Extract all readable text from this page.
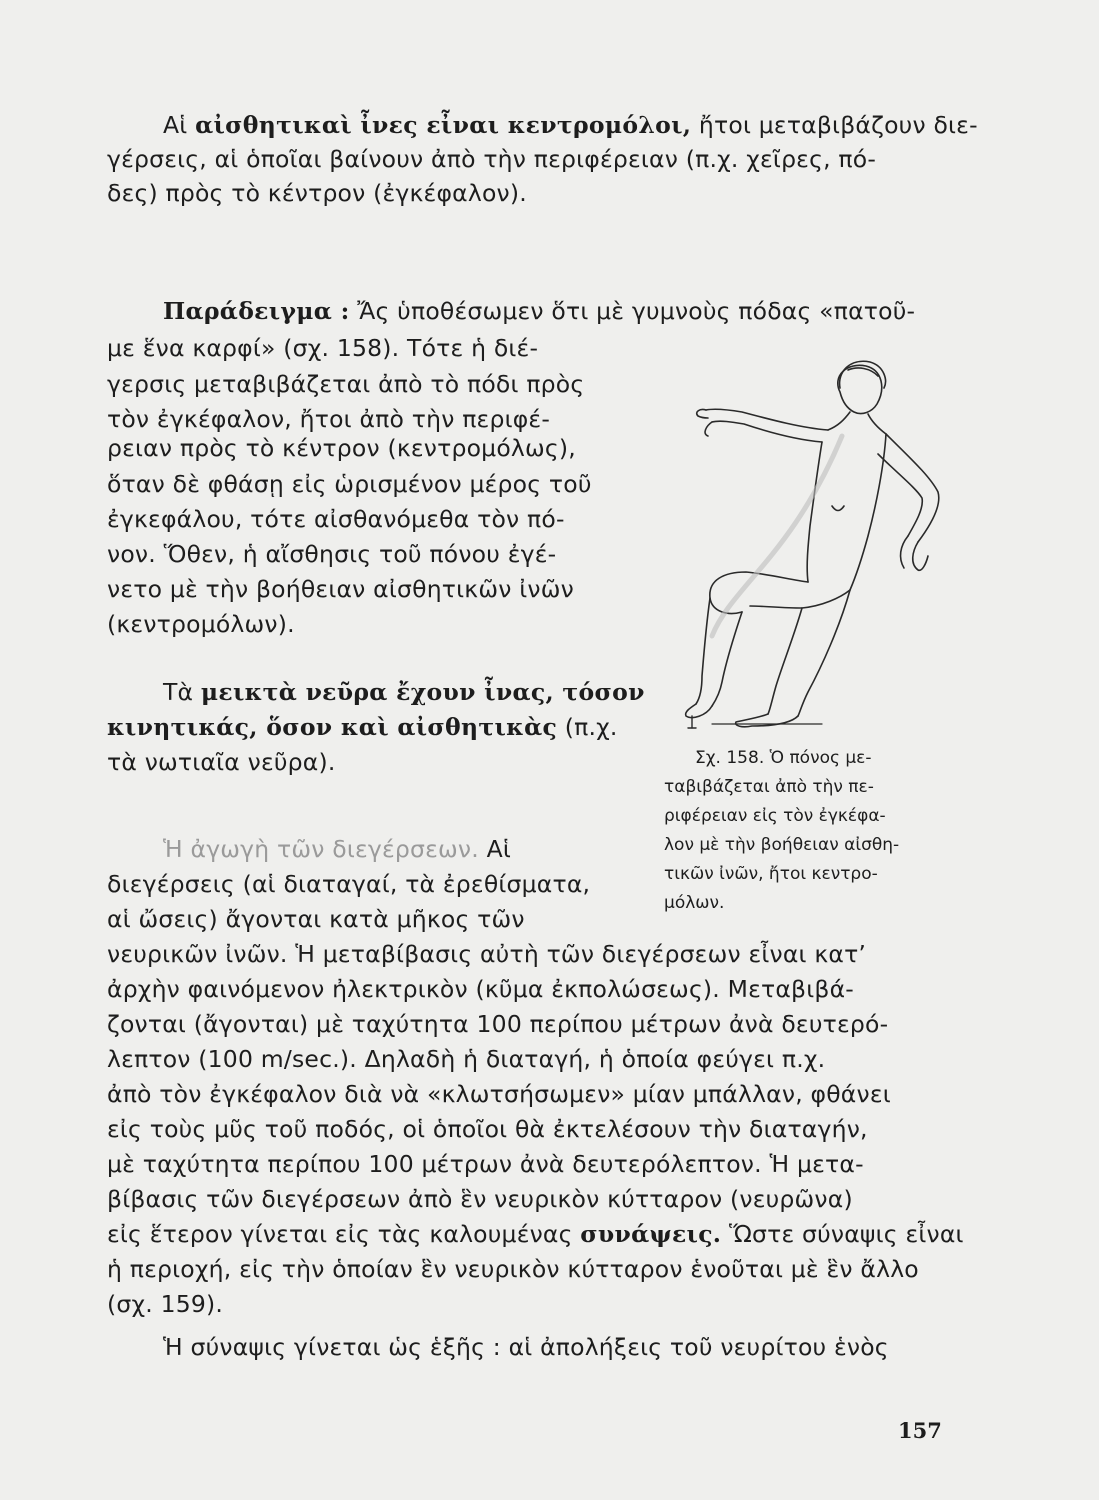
Αἱ αἰσθητικαὶ ἶνες εἶναι κεντρομόλοι, ἤτοι μεταβιβάζουν διε-
γέρσεις, αἱ ὁποῖαι βαίνουν ἀπὸ τὴν περιφέρειαν (π.χ. χεῖρες, πό-
δες) πρὸς τὸ κέντρον (ἐγκέφαλον).
Παράδειγμα : Ἄς ὑποθέσωμεν ὅτι μὲ γυμνοὺς πόδας «πατοῦ-
με ἕνα καρφί» (σχ. 158). Τότε ἡ διέ-
γερσις μεταβιβάζεται ἀπὸ τὸ πόδι πρὸς
τὸν ἐγκέφαλον, ἤτοι ἀπὸ τὴν περιφέ-
ρειαν πρὸς τὸ κέντρον (κεντρομόλως),
ὅταν δὲ φθάσῃ εἰς ὡρισμένον μέρος τοῦ
ἐγκεφάλου, τότε αἰσθανόμεθα τὸν πό-
νον. Ὅθεν, ἡ αἴσθησις τοῦ πόνου ἐγέ-
νετο μὲ τὴν βοήθειαν αἰσθητικῶν ἰνῶν
(κεντρομόλων).
Τὰ μεικτὰ νεῦρα ἔχουν ἶνας, τόσον
κινητικάς, ὅσον καὶ αἰσθητικὰς (π.χ.
τὰ νωτιαῖα νεῦρα).	Σχ. 158. Ὁ πόνος με-
ταβιβάζεται ἀπὸ τὴν πε-
ριφέρειαν εἰς τὸν ἐγκέφα-
λον μὲ τὴν βοήθειαν αἰσθη-
τικῶν ἰνῶν, ἤτοι κεντρο-
μόλων.
Ἡ ἀγωγὴ τῶν διεγέρσεων. Αἱ
διεγέρσεις (αἱ διαταγαί, τὰ ἐρεθίσματα,
αἱ ὤσεις) ἄγονται κατὰ μῆκος τῶν
νευρικῶν ἰνῶν. Ἡ μεταβίβασις αὐτὴ τῶν διεγέρσεων εἶναι κατ’
ἀρχὴν φαινόμενον ἠλεκτρικὸν (κῦμα ἐκπολώσεως). Μεταβιβά-
ζονται (ἄγονται) μὲ ταχύτητα 100 περίπου μέτρων ἀνὰ δευτερό-
λεπτον (100 m/sec.). Δηλαδὴ ἡ διαταγή, ἡ ὁποία φεύγει π.χ.
ἀπὸ τὸν ἐγκέφαλον διὰ νὰ «κλωτσήσωμεν» μίαν μπάλλαν, φθάνει
εἰς τοὺς μῦς τοῦ ποδός, οἱ ὁποῖοι θὰ ἐκτελέσουν τὴν διαταγήν,
μὲ ταχύτητα περίπου 100 μέτρων ἀνὰ δευτερόλεπτον. Ἡ μετα-
βίβασις τῶν διεγέρσεων ἀπὸ ἓν νευρικὸν κύτταρον (νευρῶνα)
εἰς ἕτερον γίνεται εἰς τὰς καλουμένας συνάψεις. Ὥστε σύναψις εἶναι
ἡ περιοχή, εἰς τὴν ὁποίαν ἓν νευρικὸν κύτταρον ἑνοῦται μὲ ἓν ἄλλο
(σχ. 159).
Ἡ σύναψις γίνεται ὡς ἑξῆς : αἱ ἀπολήξεις τοῦ νευρίτου ἑνὸς
157
